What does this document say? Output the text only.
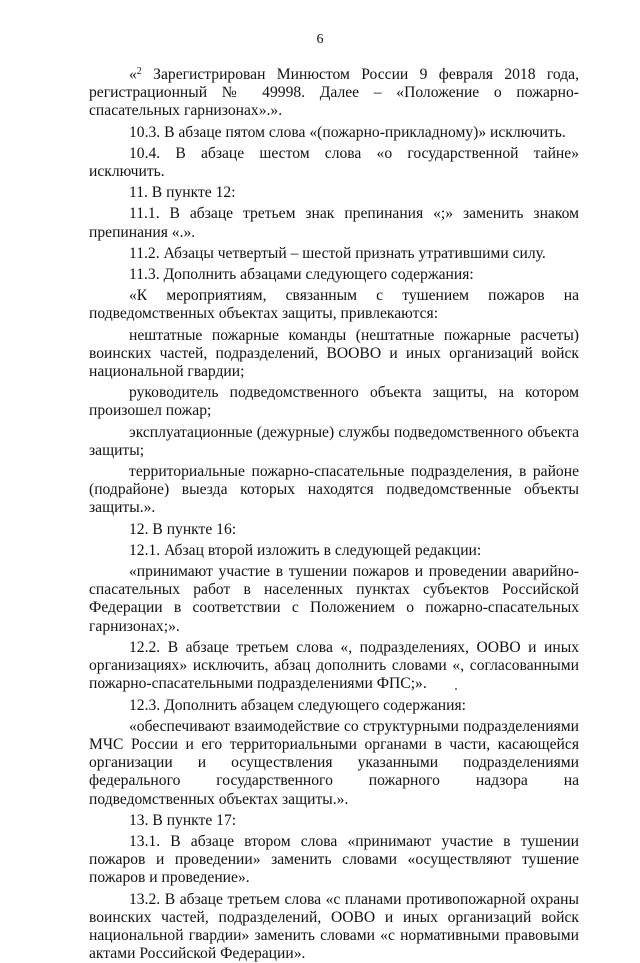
6

«$^2$ Зарегистрирован Минюстом России 9 февраля 2018 года, регистрационный № 49998. Далее – «Положение о пожарно-спасательных гарнизонах».».

10.3. В абзаце пятом слова «(пожарно-прикладному)» исключить.

10.4. В абзаце шестом слова «о государственной тайне» исключить.

11. В пункте 12:

11.1. В абзаце третьем знак препинания «;» заменить знаком препинания «.».

11.2. Абзацы четвертый – шестой признать утратившими силу.

11.3. Дополнить абзацами следующего содержания:

«К мероприятиям, связанным с тушением пожаров на подведомственных объектах защиты, привлекаются:

нештатные пожарные команды (нештатные пожарные расчеты) воинских частей, подразделений, ВООВО и иных организаций войск национальной гвардии;

руководитель подведомственного объекта защиты, на котором произошел пожар;

эксплуатационные (дежурные) службы подведомственного объекта защиты;

территориальные пожарно-спасательные подразделения, в районе (подрайоне) выезда которых находятся подведомственные объекты защиты.».

12. В пункте 16:

12.1. Абзац второй изложить в следующей редакции:

«принимают участие в тушении пожаров и проведении аварийно-спасательных работ в населенных пунктах субъектов Российской Федерации в соответствии с Положением о пожарно-спасательных гарнизонах;».

12.2. В абзаце третьем слова «, подразделениях, ООВО и иных организациях» исключить, абзац дополнить словами «, согласованными пожарно-спасательными подразделениями ФПС;».

12.3. Дополнить абзацем следующего содержания:

«обеспечивают взаимодействие со структурными подразделениями МЧС России и его территориальными органами в части, касающейся организации и осуществления указанными подразделениями федерального государственного пожарного надзора на подведомственных объектах защиты.».

13. В пункте 17:

13.1. В абзаце втором слова «принимают участие в тушении пожаров и проведении» заменить словами «осуществляют тушение пожаров и проведение».

13.2. В абзаце третьем слова «с планами противопожарной охраны воинских частей, подразделений, ООВО и иных организаций войск национальной гвардии» заменить словами «с нормативными правовыми актами Российской Федерации».
